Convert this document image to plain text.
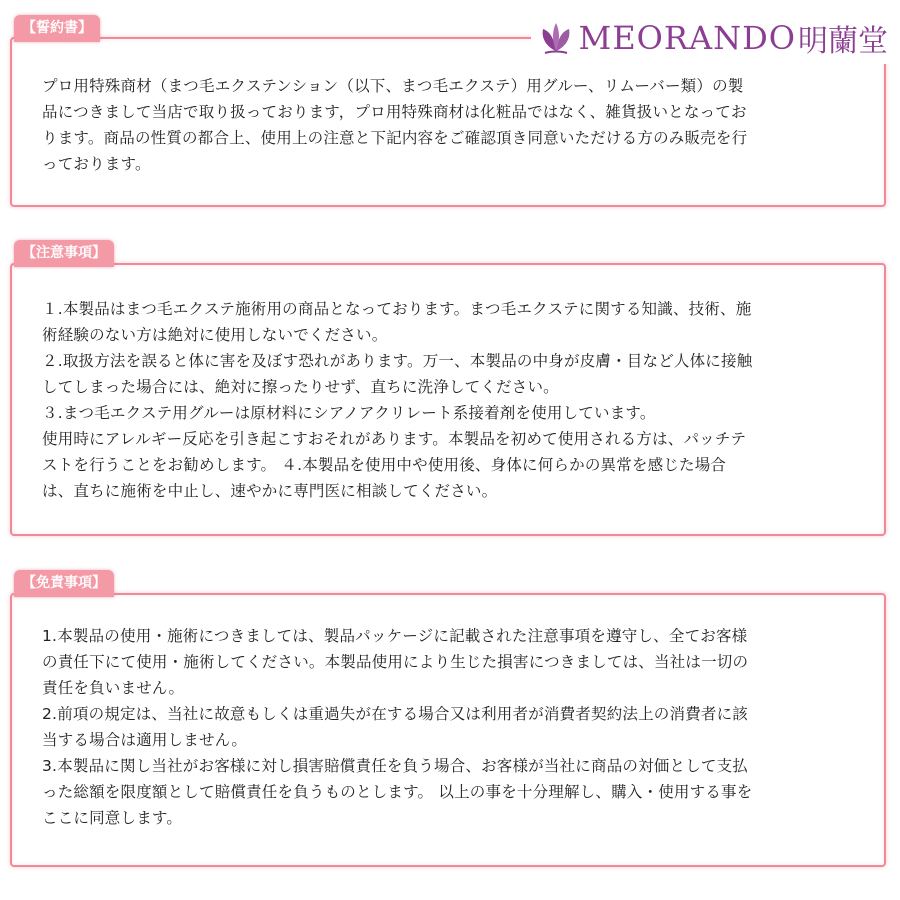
プロ用特殊商材（まつ毛エクステンション（以下、まつ毛エクステ）用グルー、リムーバー類）の製
品につきまして当店で取り扱っております，プロ用特殊商材は化粧品ではなく、雑貨扱いとなってお
ります。商品の性質の都合上、使用上の注意と下記内容をご確認頂き同意いただける方のみ販売を行
っております。

【誓約書】	MEORANDO 明蘭堂

１.本製品はまつ毛エクステ施術用の商品となっております。まつ毛エクステに関する知識、技術、施
術経験のない方は絶対に使用しないでください。
２.取扱方法を誤ると体に害を及ぼす恐れがあります。万一、本製品の中身が皮膚・目など人体に接触
してしまった場合には、絶対に擦ったりせず、直ちに洗浄してください。
３.まつ毛エクステ用グルーは原材料にシアノアクリレート系接着剤を使用しています。
使用時にアレルギー反応を引き起こすおそれがあります。本製品を初めて使用される方は、パッチテ
ストを行うことをお勧めします。 ４.本製品を使用中や使用後、身体に何らかの異常を感じた場合
は、直ちに施術を中止し、速やかに専門医に相談してください。

【注意事項】

1.本製品の使用・施術につきましては、製品パッケージに記載された注意事項を遵守し、全てお客様
の責任下にて使用・施術してください。本製品使用により生じた損害につきましては、当社は一切の
責任を負いません。
2.前項の規定は、当社に故意もしくは重過失が在する場合又は利用者が消費者契約法上の消費者に該
当する場合は適用しません。
3.本製品に関し当社がお客様に対し損害賠償責任を負う場合、お客様が当社に商品の対価として支払
った総額を限度額として賠償責任を負うものとします。 以上の事を十分理解し、購入・使用する事を
ここに同意します。

【免責事項】
